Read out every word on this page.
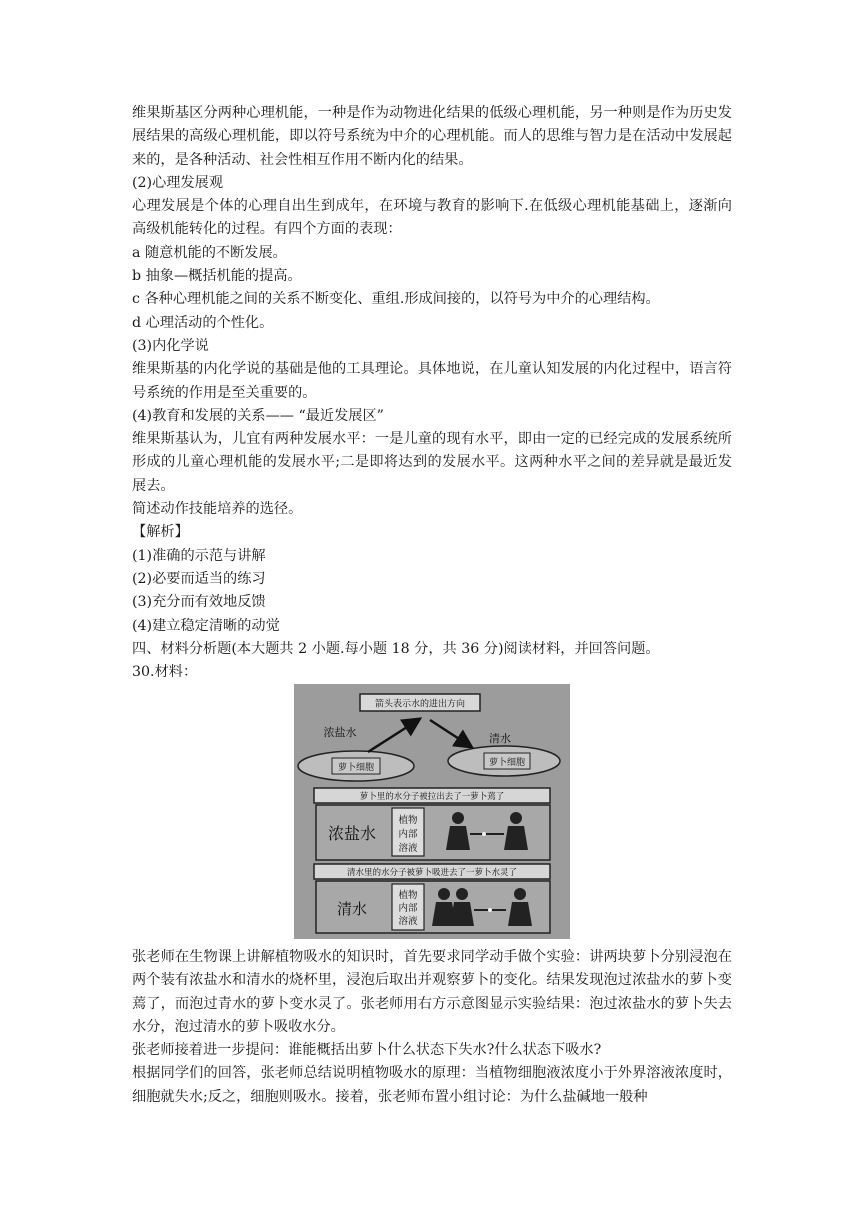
维果斯基区分两种心理机能，一种是作为动物进化结果的低级心理机能，另一种则是作为历史发展结果的高级心理机能，即以符号系统为中介的心理机能。而人的思维与智力是在活动中发展起来的，是各种活动、社会性相互作用不断内化的结果。

(2)心理发展观

心理发展是个体的心理自出生到成年，在环境与教育的影响下.在低级心理机能基础上，逐渐向高级机能转化的过程。有四个方面的表现：

a 随意机能的不断发展。

b 抽象—概括机能的提高。

c 各种心理机能之间的关系不断变化、重组.形成间接的，以符号为中介的心理结构。

d 心理活动的个性化。

(3)内化学说

维果斯基的内化学说的基础是他的工具理论。具体地说，在儿童认知发展的内化过程中，语言符号系统的作用是至关重要的。

(4)教育和发展的关系—— “最近发展区”

维果斯基认为，儿宜有两种发展水平：一是儿童的现有水平，即由一定的已经完成的发展系统所形成的儿童心理机能的发展水平;二是即将达到的发展水平。这两种水平之间的差异就是最近发展去。

简述动作技能培养的选径。

【解析】

(1)准确的示范与讲解

(2)必要而适当的练习

(3)充分而有效地反馈

(4)建立稳定清晰的动觉

四、材料分析题(本大题共 2 小题.每小题 18 分，共 36 分)阅读材料，并回答问题。

30.材料：

箭头表示水的进出方向
浓盐水	清水
萝卜细胞	萝卜细胞
萝卜里的水分子被拉出去了一萝卜蔫了
浓盐水
植物
内部
溶液
清水里的水分子被萝卜吸进去了一萝卜水灵了
清水
植物
内部
溶液

张老师在生物课上讲解植物吸水的知识时，首先要求同学动手做个实验：讲两块萝卜分别浸泡在两个装有浓盐水和清水的烧杯里，浸泡后取出并观察萝卜的变化。结果发现泡过浓盐水的萝卜变蔫了，而泡过青水的萝卜变水灵了。张老师用右方示意图显示实验结果：泡过浓盐水的萝卜失去水分，泡过清水的萝卜吸收水分。

张老师接着进一步提问：谁能概括出萝卜什么状态下失水?什么状态下吸水?

根据同学们的回答，张老师总结说明植物吸水的原理：当植物细胞液浓度小于外界溶液浓度时，细胞就失水;反之，细胞则吸水。接着，张老师布置小组讨论：为什么盐碱地一般种
